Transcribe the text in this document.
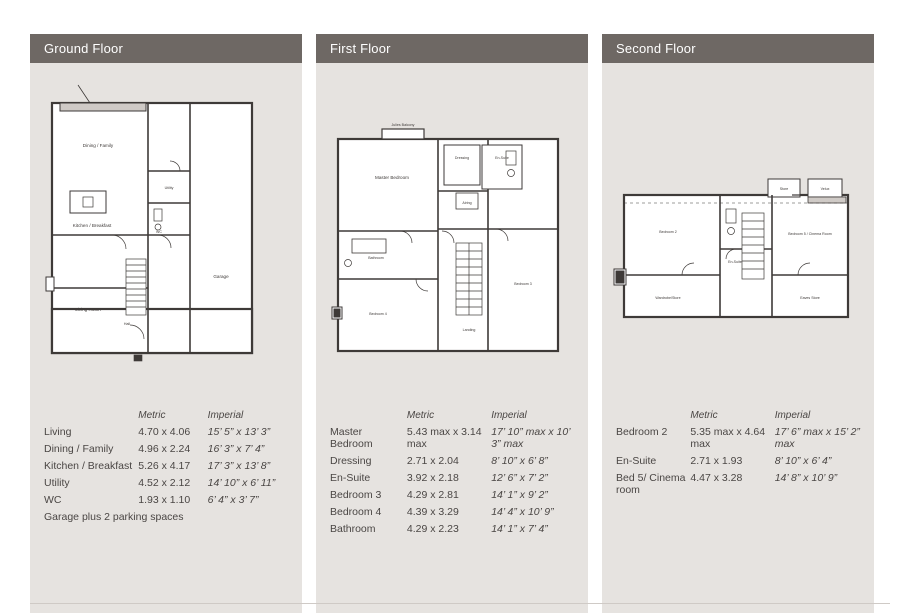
Ground Floor
Dining / Family
Kitchen / Breakfast
Living Room
Utility
WC
Garage
Hall
	Metric	Imperial
Living	4.70 x 4.06	15’ 5” x 13’ 3”
Dining / Family	4.96 x 2.24	16’ 3” x 7’ 4”
Kitchen / Breakfast	5.26 x 4.17	17’ 3” x 13’ 8”
Utility	4.52 x 2.12	14’ 10” x 6’ 11”
WC	1.93 x 1.10	6’ 4” x 3’ 7”
Garage plus 2 parking spaces
First Floor
Julies Balcony
Master Bedroom
Dressing	En-Suite
Airing
Bathroom
Bedroom 4
Bedroom 3
Landing
	Metric	Imperial
Master Bedroom	5.43 max x 3.14 max	17’ 10” max x 10’ 3” max
Dressing	2.71 x 2.04	8’ 10” x 6’ 8”
En-Suite	3.92 x 2.18	12’ 6” x 7’ 2”
Bedroom 3	4.29 x 2.81	14’ 1” x 9’ 2”
Bedroom 4	4.39 x 3.29	14’ 4” x 10’ 9”
Bathroom	4.29 x 2.23	14’ 1” x 7’ 4”
Second Floor
Bedroom 2	Bedroom 5 / Cinema Room
En-Suite
Wardrobe/Store	Eaves Store
Store	Velux
	Metric	Imperial
Bedroom 2	5.35 max x 4.64 max	17’ 6” max x 15’ 2” max
En-Suite	2.71 x 1.93	8’ 10” x 6’ 4”
Bed 5/ Cinema room	4.47 x 3.28	14’ 8” x 10’ 9”
